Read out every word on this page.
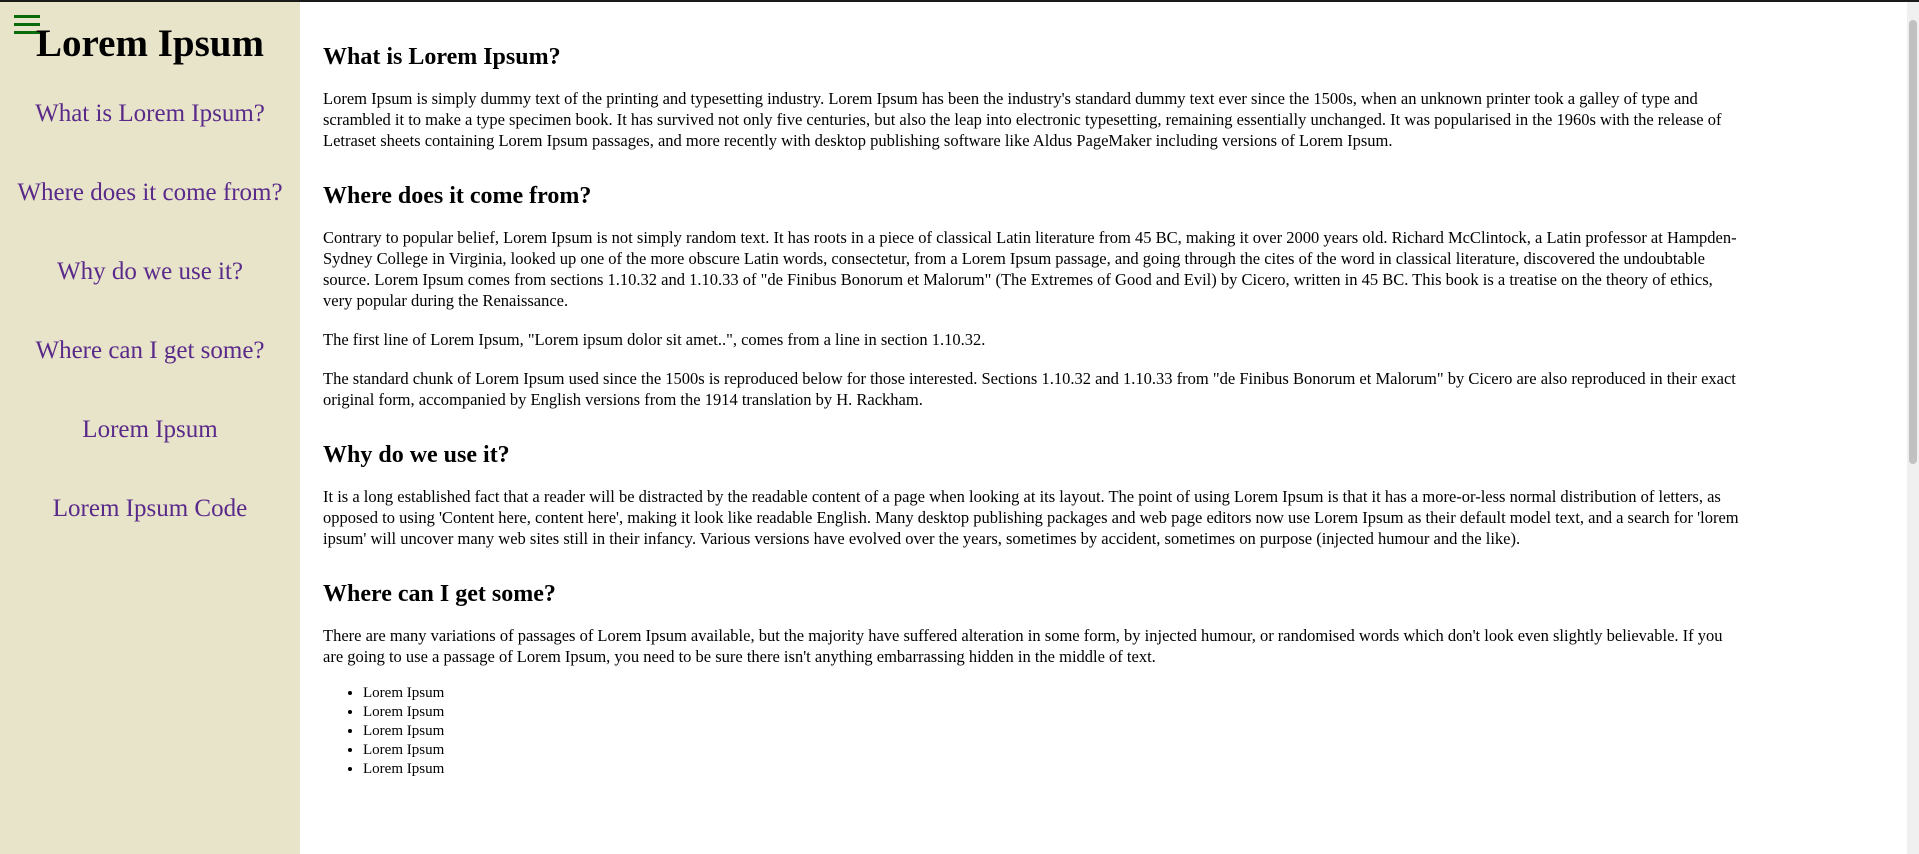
Lorem Ipsum
What is Lorem Ipsum?
Where does it come from?
Why do we use it?
Where can I get some?
Lorem Ipsum
Lorem Ipsum Code
What is Lorem Ipsum?

Lorem Ipsum is simply dummy text of the printing and typesetting industry. Lorem Ipsum has been the industry's standard dummy text ever since the 1500s, when an unknown printer took a galley of type and scrambled it to make a type specimen book. It has survived not only five centuries, but also the leap into electronic typesetting, remaining essentially unchanged. It was popularised in the 1960s with the release of Letraset sheets containing Lorem Ipsum passages, and more recently with desktop publishing software like Aldus PageMaker including versions of Lorem Ipsum.

Where does it come from?

Contrary to popular belief, Lorem Ipsum is not simply random text. It has roots in a piece of classical Latin literature from 45 BC, making it over 2000 years old. Richard McClintock, a Latin professor at Hampden-Sydney College in Virginia, looked up one of the more obscure Latin words, consectetur, from a Lorem Ipsum passage, and going through the cites of the word in classical literature, discovered the undoubtable source. Lorem Ipsum comes from sections 1.10.32 and 1.10.33 of "de Finibus Bonorum et Malorum" (The Extremes of Good and Evil) by Cicero, written in 45 BC. This book is a treatise on the theory of ethics, very popular during the Renaissance.

The first line of Lorem Ipsum, "Lorem ipsum dolor sit amet..", comes from a line in section 1.10.32.

The standard chunk of Lorem Ipsum used since the 1500s is reproduced below for those interested. Sections 1.10.32 and 1.10.33 from "de Finibus Bonorum et Malorum" by Cicero are also reproduced in their exact original form, accompanied by English versions from the 1914 translation by H. Rackham.

Why do we use it?

It is a long established fact that a reader will be distracted by the readable content of a page when looking at its layout. The point of using Lorem Ipsum is that it has a more-or-less normal distribution of letters, as opposed to using 'Content here, content here', making it look like readable English. Many desktop publishing packages and web page editors now use Lorem Ipsum as their default model text, and a search for 'lorem ipsum' will uncover many web sites still in their infancy. Various versions have evolved over the years, sometimes by accident, sometimes on purpose (injected humour and the like).

Where can I get some?

There are many variations of passages of Lorem Ipsum available, but the majority have suffered alteration in some form, by injected humour, or randomised words which don't look even slightly believable. If you are going to use a passage of Lorem Ipsum, you need to be sure there isn't anything embarrassing hidden in the middle of text.

• Lorem Ipsum
• Lorem Ipsum
• Lorem Ipsum
• Lorem Ipsum
• Lorem Ipsum
